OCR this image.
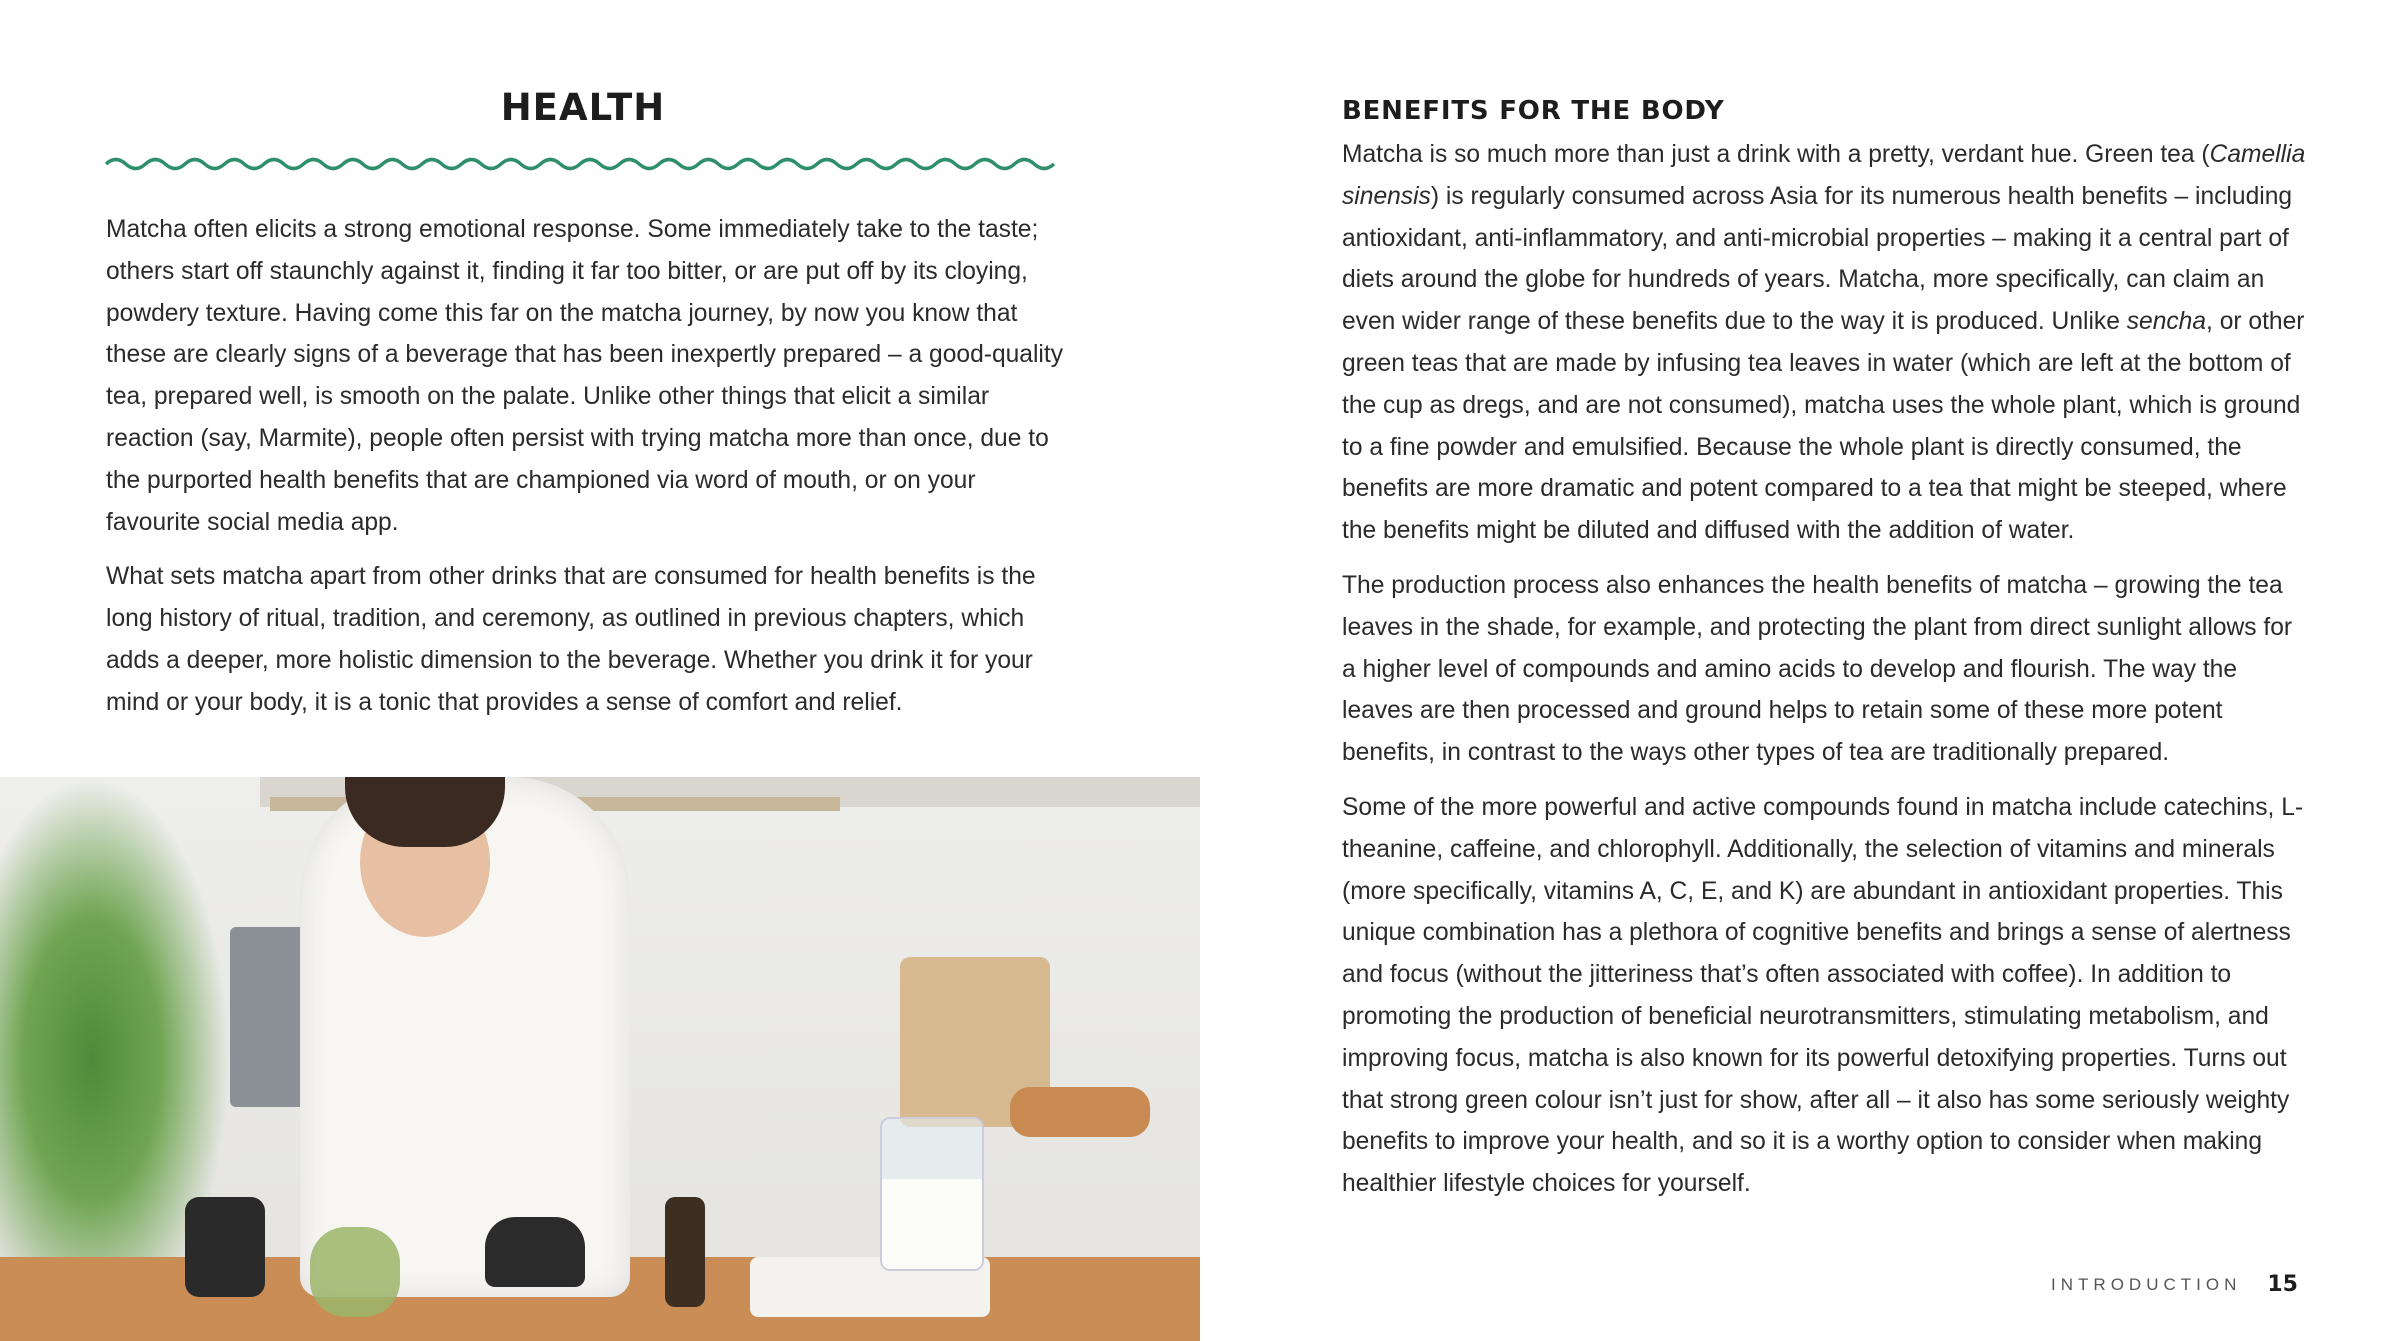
HEALTH

Matcha often elicits a strong emotional response. Some immediately take to the taste; others start off staunchly against it, finding it far too bitter, or are put off by its cloying, powdery texture. Having come this far on the matcha journey, by now you know that these are clearly signs of a beverage that has been inexpertly prepared – a good-quality tea, prepared well, is smooth on the palate. Unlike other things that elicit a similar reaction (say, Marmite), people often persist with trying matcha more than once, due to the purported health benefits that are championed via word of mouth, or on your favourite social media app.

What sets matcha apart from other drinks that are consumed for health benefits is the long history of ritual, tradition, and ceremony, as outlined in previous chapters, which adds a deeper, more holistic dimension to the beverage. Whether you drink it for your mind or your body, it is a tonic that provides a sense of comfort and relief.

BENEFITS FOR THE BODY

Matcha is so much more than just a drink with a pretty, verdant hue. Green tea (Camellia sinensis) is regularly consumed across Asia for its numerous health benefits – including antioxidant, anti-inflammatory, and anti-microbial properties – making it a central part of diets around the globe for hundreds of years. Matcha, more specifically, can claim an even wider range of these benefits due to the way it is produced. Unlike sencha, or other green teas that are made by infusing tea leaves in water (which are left at the bottom of the cup as dregs, and are not consumed), matcha uses the whole plant, which is ground to a fine powder and emulsified. Because the whole plant is directly consumed, the benefits are more dramatic and potent compared to a tea that might be steeped, where the benefits might be diluted and diffused with the addition of water.

The production process also enhances the health benefits of matcha – growing the tea leaves in the shade, for example, and protecting the plant from direct sunlight allows for a higher level of compounds and amino acids to develop and flourish. The way the leaves are then processed and ground helps to retain some of these more potent benefits, in contrast to the ways other types of tea are traditionally prepared.

Some of the more powerful and active compounds found in matcha include catechins, L-theanine, caffeine, and chlorophyll. Additionally, the selection of vitamins and minerals (more specifically, vitamins A, C, E, and K) are abundant in antioxidant properties. This unique combination has a plethora of cognitive benefits and brings a sense of alertness and focus (without the jitteriness that’s often associated with coffee). In addition to promoting the production of beneficial neurotransmitters, stimulating metabolism, and improving focus, matcha is also known for its powerful detoxifying properties. Turns out that strong green colour isn’t just for show, after all – it also has some seriously weighty benefits to improve your health, and so it is a worthy option to consider when making healthier lifestyle choices for yourself.

INTRODUCTION 15
